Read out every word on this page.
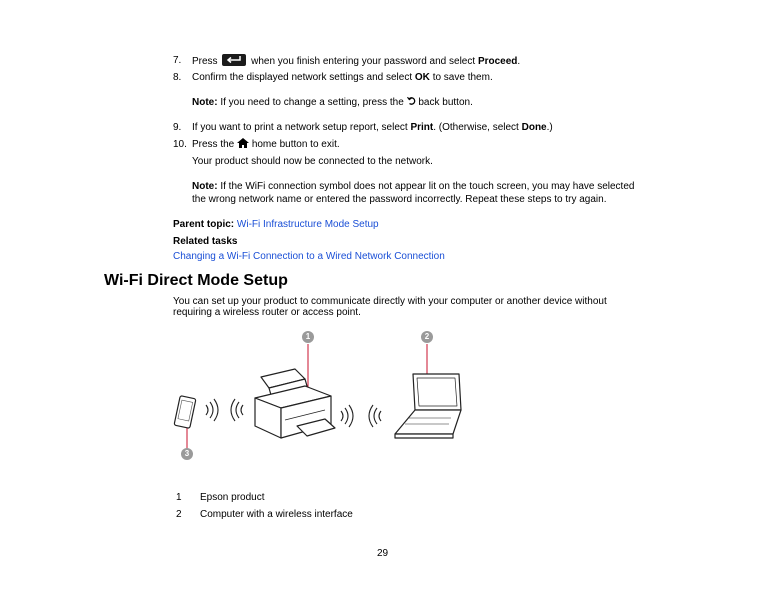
7. Press	when you finish entering your password and select Proceed.
8. Confirm the displayed network settings and select OK to save them.
Note: If you need to change a setting, press the back button.
9. If you want to print a network setup report, select Print. (Otherwise, select Done.)
10. Press the home button to exit.
Your product should now be connected to the network.
Note: If the WiFi connection symbol does not appear lit on the touch screen, you may have selected
the wrong network name or entered the password incorrectly. Repeat these steps to try again.
Parent topic: Wi-Fi Infrastructure Mode Setup
Related tasks
Changing a Wi-Fi Connection to a Wired Network Connection
Wi-Fi Direct Mode Setup
You can set up your product to communicate directly with your computer or another device without
requiring a wireless router or access point.
1	2
3
1 Epson product
2 Computer with a wireless interface
29
